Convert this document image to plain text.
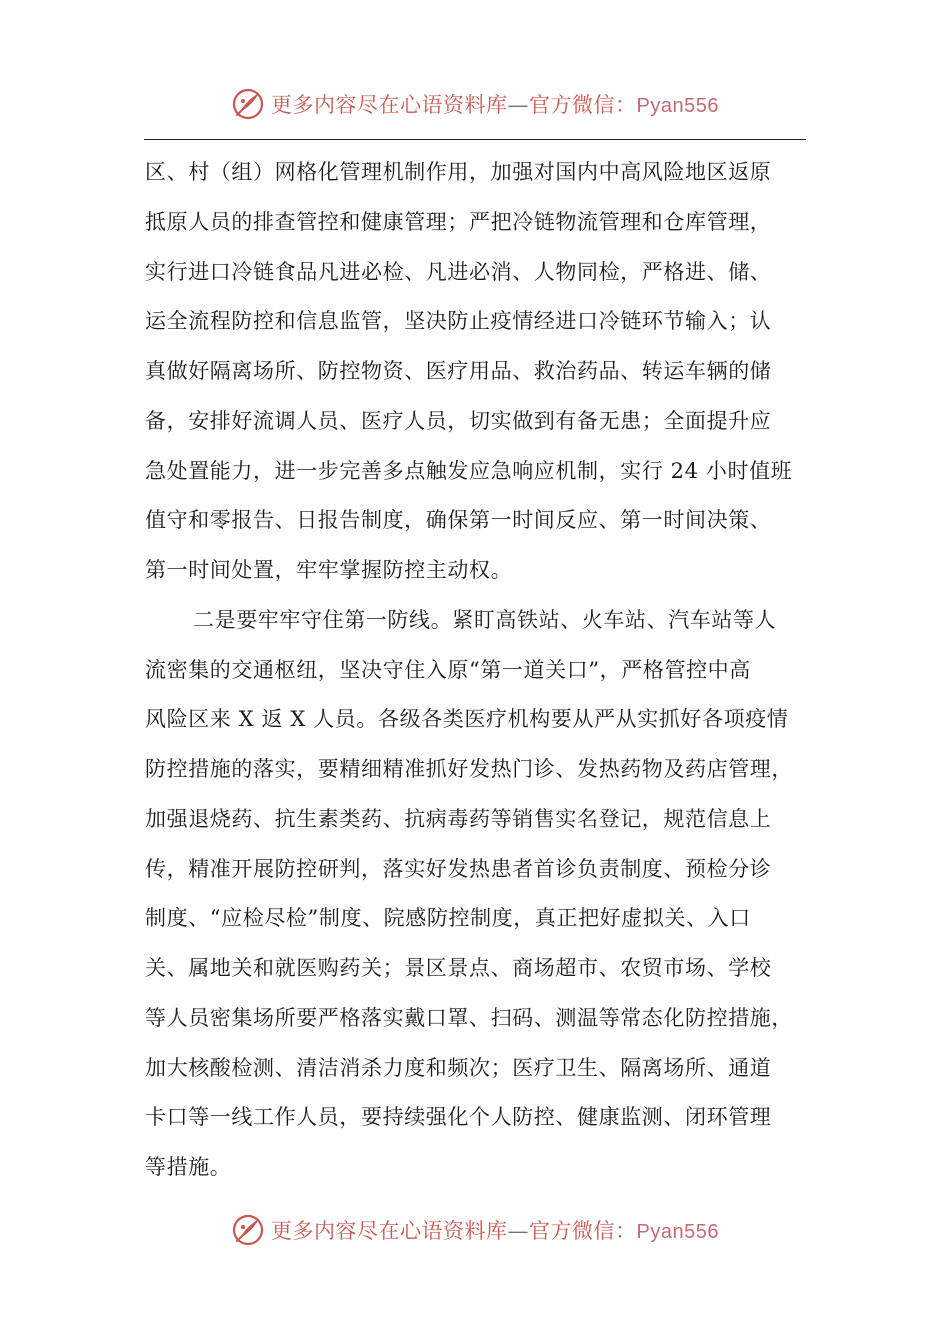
更多内容尽在心语资料库—官方微信：Pyan556
区、村（组）网格化管理机制作用，加强对国内中高风险地区返原
抵原人员的排查管控和健康管理；严把冷链物流管理和仓库管理，
实行进口冷链食品凡进必检、凡进必消、人物同检，严格进、储、
运全流程防控和信息监管，坚决防止疫情经进口冷链环节输入；认
真做好隔离场所、防控物资、医疗用品、救治药品、转运车辆的储
备，安排好流调人员、医疗人员，切实做到有备无患；全面提升应
急处置能力，进一步完善多点触发应急响应机制，实行 24 小时值班
值守和零报告、日报告制度，确保第一时间反应、第一时间决策、
第一时间处置，牢牢掌握防控主动权。
二是要牢牢守住第一防线。紧盯高铁站、火车站、汽车站等人
流密集的交通枢纽，坚决守住入原“第一道关口”，严格管控中高
风险区来 X 返 X 人员。各级各类医疗机构要从严从实抓好各项疫情
防控措施的落实，要精细精准抓好发热门诊、发热药物及药店管理，
加强退烧药、抗生素类药、抗病毒药等销售实名登记，规范信息上
传，精准开展防控研判，落实好发热患者首诊负责制度、预检分诊
制度、“应检尽检”制度、院感防控制度，真正把好虚拟关、入口
关、属地关和就医购药关；景区景点、商场超市、农贸市场、学校
等人员密集场所要严格落实戴口罩、扫码、测温等常态化防控措施，
加大核酸检测、清洁消杀力度和频次；医疗卫生、隔离场所、通道
卡口等一线工作人员，要持续强化个人防控、健康监测、闭环管理
等措施。
更多内容尽在心语资料库—官方微信：Pyan556
